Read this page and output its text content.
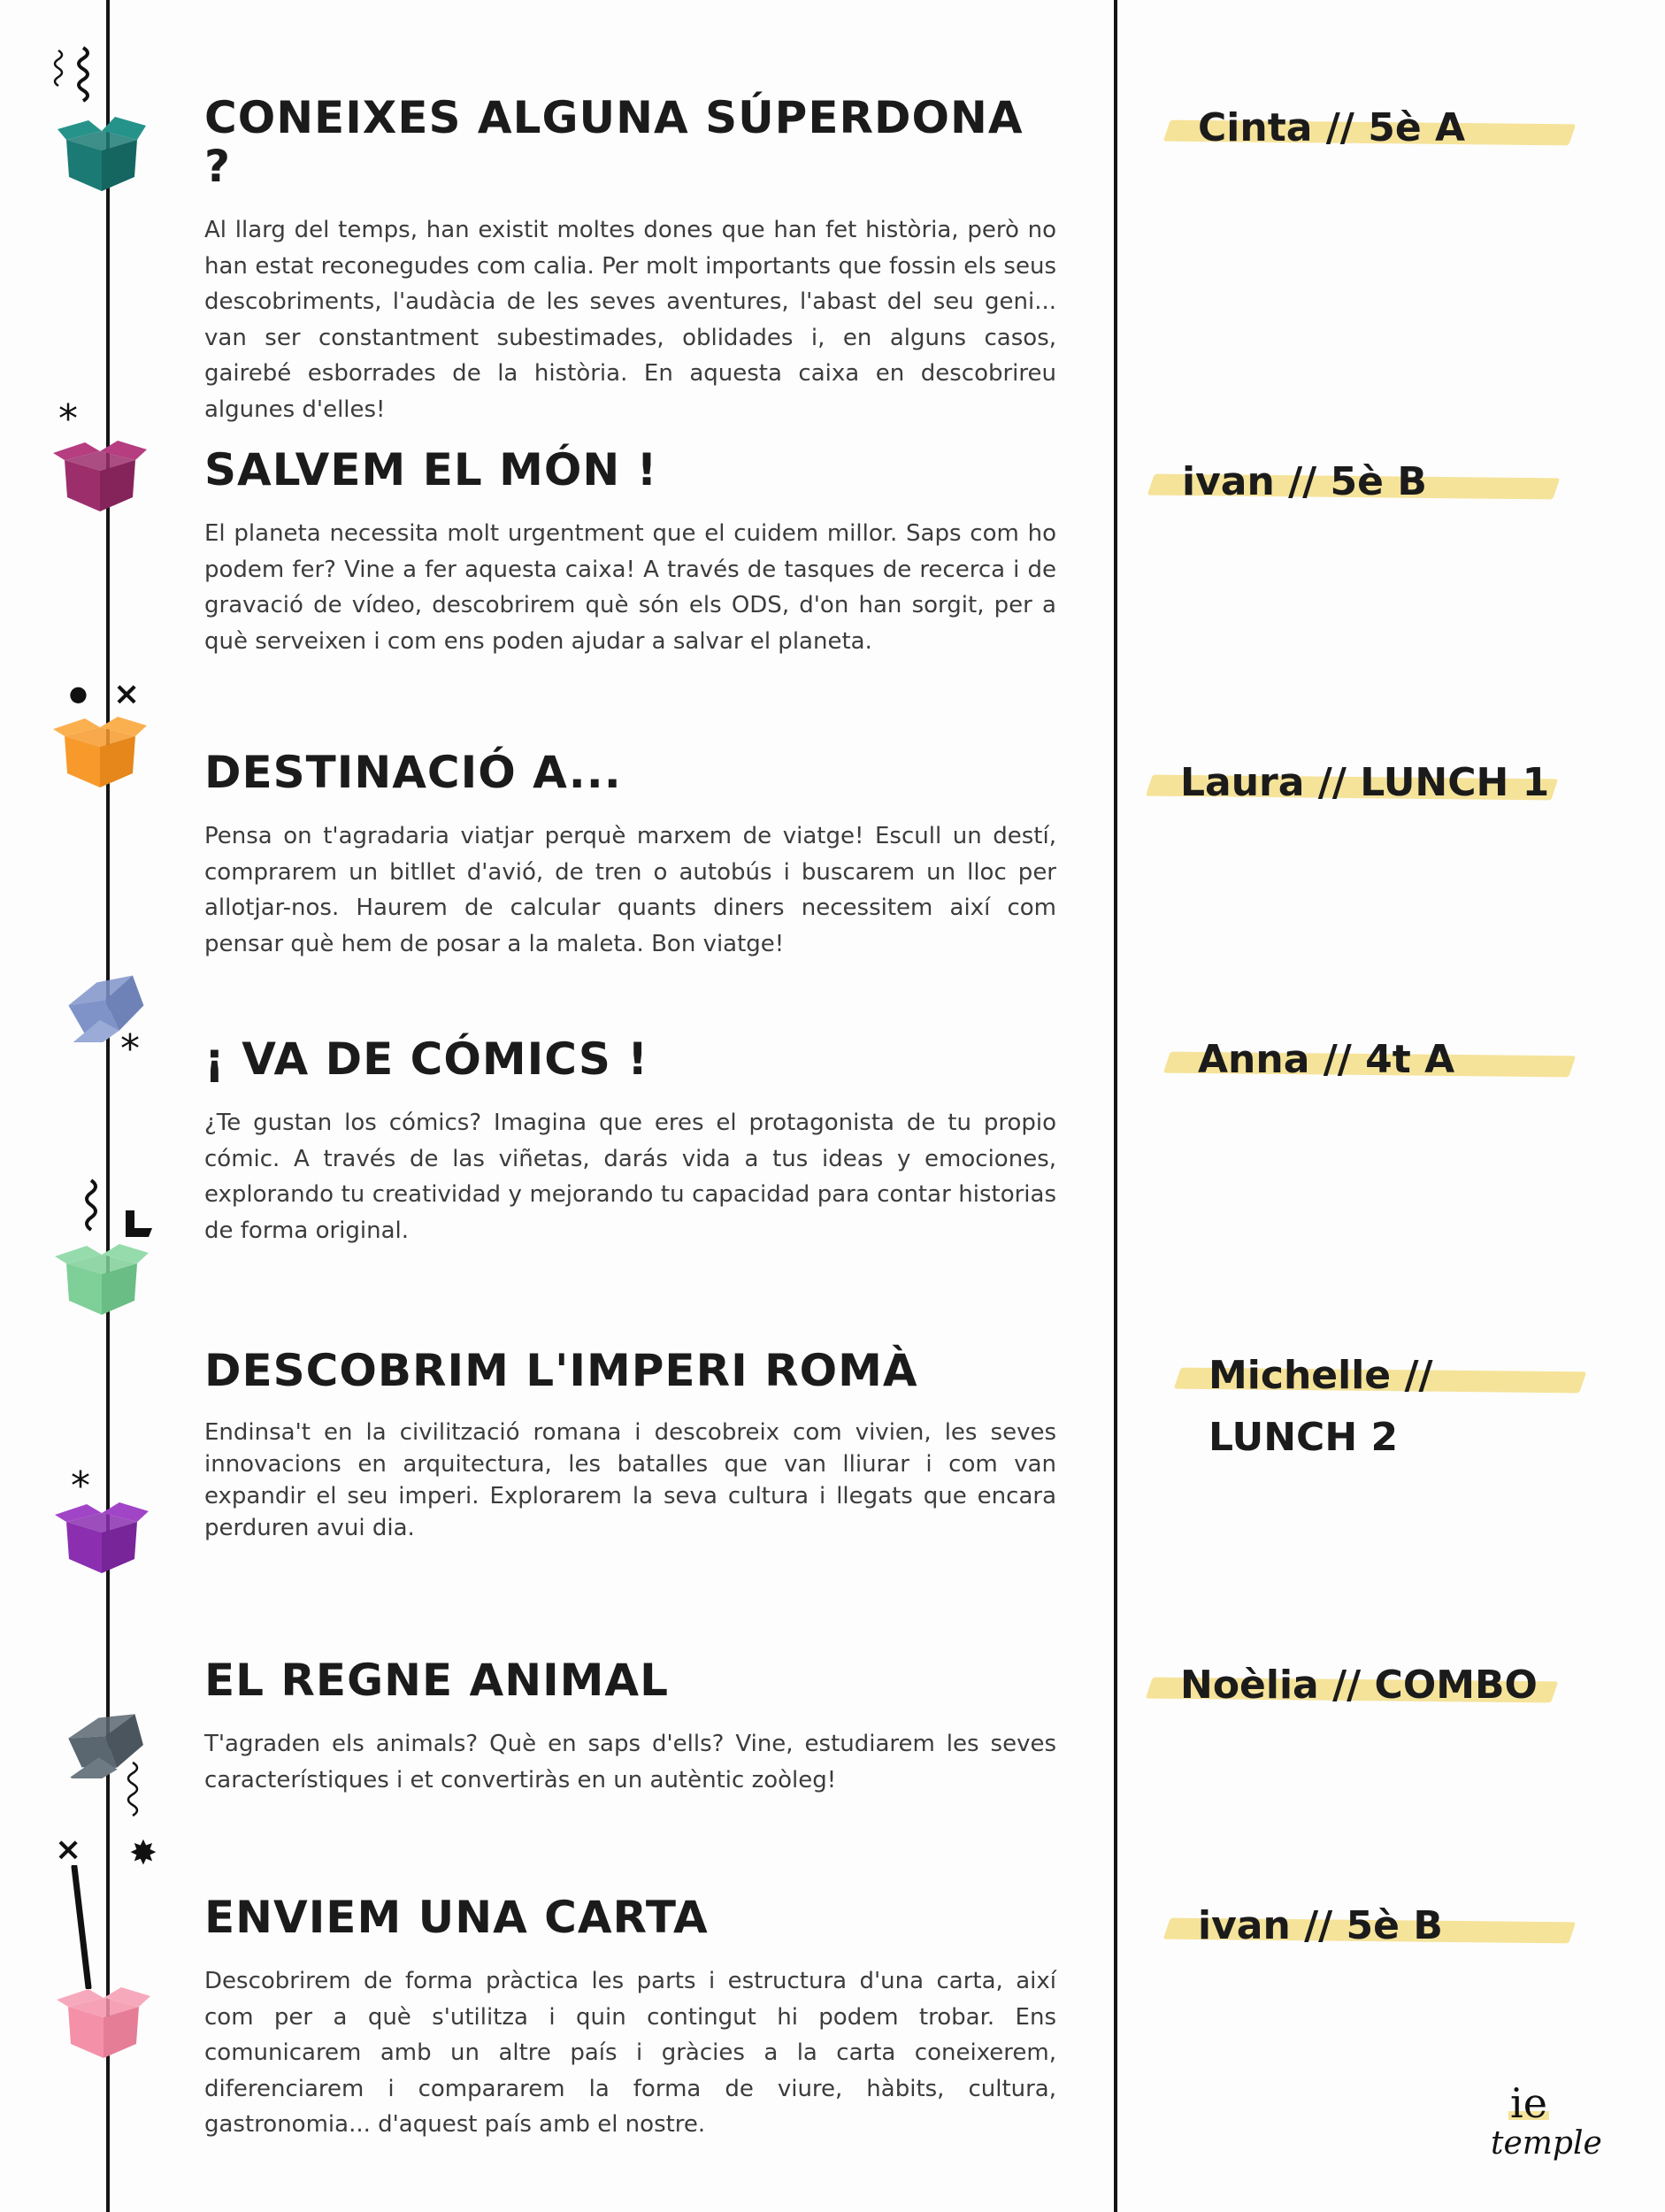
CONEIXES ALGUNA SÚPERDONA ?

Al llarg del temps, han existit moltes dones que han fet història, però no han estat reconegudes com calia. Per molt importants que fossin els seus descobriments, l'audàcia de les seves aventures, l'abast del seu geni... van ser constantment subestimades, oblidades i, en alguns casos, gairebé esborrades de la història. En aquesta caixa en descobrireu algunes d'elles!

SALVEM EL MÓN !

El planeta necessita molt urgentment que el cuidem millor. Saps com ho podem fer? Vine a fer aquesta caixa! A través de tasques de recerca i de gravació de vídeo, descobrirem què són els ODS, d'on han sorgit, per a què serveixen i com ens poden ajudar a salvar el planeta.

DESTINACIÓ A...

Pensa on t'agradaria viatjar perquè marxem de viatge! Escull un destí, comprarem un bitllet d'avió, de tren o autobús i buscarem un lloc per allotjar-nos. Haurem de calcular quants diners necessitem així com pensar què hem de posar a la maleta. Bon viatge!

¡ VA DE CÓMICS !

¿Te gustan los cómics? Imagina que eres el protagonista de tu propio cómic. A través de las viñetas, darás vida a tus ideas y emociones, explorando tu creatividad y mejorando tu capacidad para contar historias de forma original.

DESCOBRIM L'IMPERI ROMÀ

Endinsa't en la civilització romana i descobreix com vivien, les seves innovacions en arquitectura, les batalles que van lliurar i com van expandir el seu imperi. Explorarem la seva cultura i llegats que encara perduren avui dia.

EL REGNE ANIMAL

T'agraden els animals? Què en saps d'ells? Vine, estudiarem les seves característiques i et convertiràs en un autèntic zoòleg!

ENVIEM UNA CARTA

Descobrirem de forma pràctica les parts i estructura d'una carta, així com per a què s'utilitza i quin contingut hi podem trobar. Ens comunicarem amb un altre país i gràcies a la carta coneixerem, diferenciarem i compararem la forma de viure, hàbits, cultura, gastronomia... d'aquest país amb el nostre.

Cinta // 5è A
ivan // 5è B
Laura // LUNCH 1
Anna // 4t A
Michelle // LUNCH 2
Noèlia // COMBO
ivan // 5è B
*
● ×
*
*
✸
×
ie
temple
